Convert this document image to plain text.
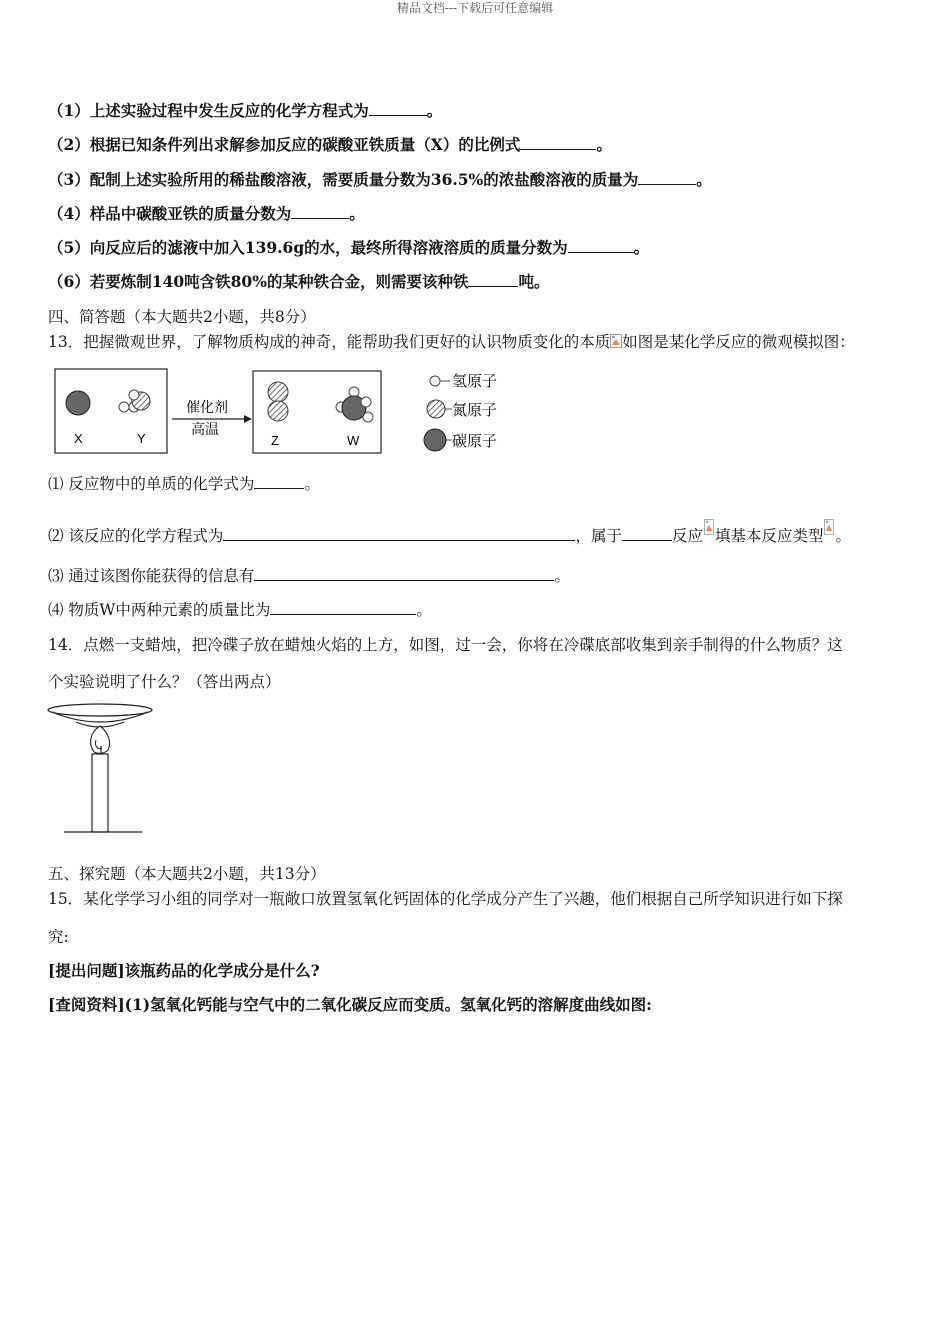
精品文档---下载后可任意编辑
（1）上述实验过程中发生反应的化学方程式为	。
（2）根据已知条件列出求解参加反应的碳酸亚铁质量（X）的比例式	。
（3）配制上述实验所用的稀盐酸溶液，需要质量分数为36.5%的浓盐酸溶液的质量为	。
（4）样品中碳酸亚铁的质量分数为	。
（5）向反应后的滤液中加入139.6g的水，最终所得溶液溶质的质量分数为	。
（6）若要炼制140吨含铁80%的某种铁合金，则需要该种铁	吨。
四、简答题（本大题共2小题，共8分）
13．把握微观世界，了解物质构成的神奇，能帮助我们更好的认识物质变化的本质 如图是某化学反应的微观模拟图：
X	Y
催化剂
高温
Z	W
氢原子
氮原子
碳原子
⑴ 反应物中的单质的化学式为	。
⑵ 该反应的化学方程式为	，属于	反应 填基本反应类型 。
⑶ 通过该图你能获得的信息有	。
⑷ 物质W中两种元素的质量比为	。
14．点燃一支蜡烛，把冷碟子放在蜡烛火焰的上方，如图，过一会，你将在冷碟底部收集到亲手制得的什么物质？这
个实验说明了什么？（答出两点）
五、探究题（本大题共2小题，共13分）
15．某化学学习小组的同学对一瓶敞口放置氢氧化钙固体的化学成分产生了兴趣，他们根据自己所学知识进行如下探
究:
[提出问题]该瓶药品的化学成分是什么?
[查阅资料](1)氢氧化钙能与空气中的二氧化碳反应而变质。氢氧化钙的溶解度曲线如图:
